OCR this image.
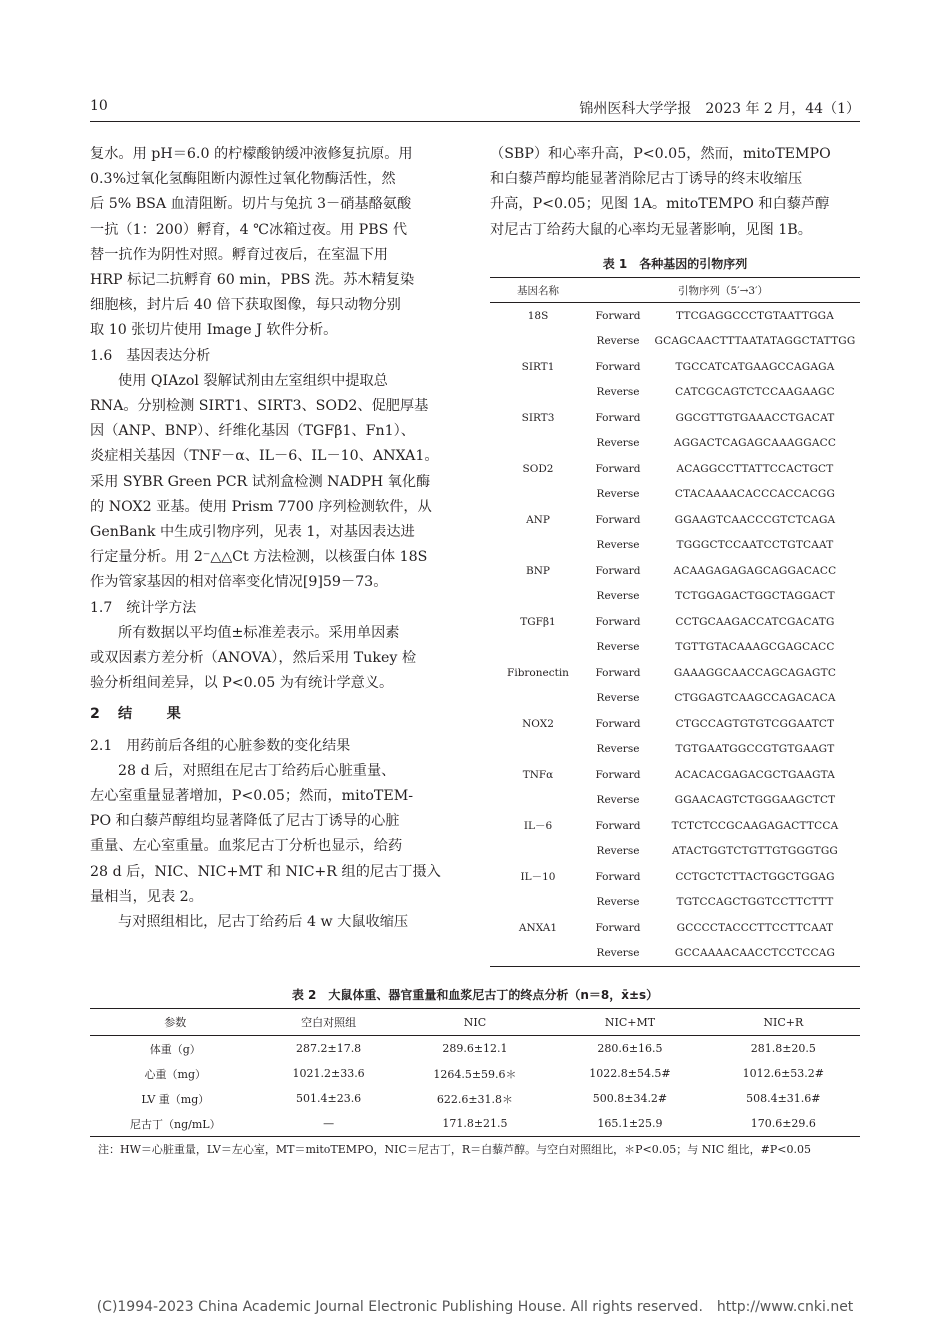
10	锦州医科大学学报　2023 年 2 月，44（1）

复水。用 pH＝6.0 的柠檬酸钠缓冲液修复抗原。用

0.3%过氧化氢酶阻断内源性过氧化物酶活性，然

后 5% BSA 血清阻断。切片与兔抗 3－硝基酪氨酸

一抗（1：200）孵育，4 ℃冰箱过夜。用 PBS 代

替一抗作为阴性对照。孵育过夜后，在室温下用

HRP 标记二抗孵育 60 min，PBS 洗。苏木精复染

细胞核，封片后 40 倍下获取图像，每只动物分别

取 10 张切片使用 Image J 软件分析。

1.6　基因表达分析

使用 QIAzol 裂解试剂由左室组织中提取总

RNA。分别检测 SIRT1、SIRT3、SOD2、促肥厚基

因（ANP、BNP）、纤维化基因（TGFβ1、Fn1）、

炎症相关基因（TNF－α、IL－6、IL－10、ANXA1。

采用 SYBR Green PCR 试剂盒检测 NADPH 氧化酶

的 NOX2 亚基。使用 Prism 7700 序列检测软件，从

GenBank 中生成引物序列，见表 1，对基因表达进

行定量分析。用 2⁻△△Ct 方法检测，以核蛋白体 18S

作为管家基因的相对倍率变化情况[9]59－73。

1.7　统计学方法

所有数据以平均值±标准差表示。采用单因素

或双因素方差分析（ANOVA），然后采用 Tukey 检

验分析组间差异，以 P<0.05 为有统计学意义。

2　结　　果

2.1　用药前后各组的心脏参数的变化结果

28 d 后，对照组在尼古丁给药后心脏重量、

左心室重量显著增加，P<0.05；然而，mitoTEM-

PO 和白藜芦醇组均显著降低了尼古丁诱导的心脏

重量、左心室重量。血浆尼古丁分析也显示，给药

28 d 后，NIC、NIC+MT 和 NIC+R 组的尼古丁摄入

量相当，见表 2。

与对照组相比，尼古丁给药后 4 w 大鼠收缩压

（SBP）和心率升高，P<0.05，然而，mitoTEMPO

和白藜芦醇均能显著消除尼古丁诱导的终末收缩压

升高，P<0.05；见图 1A。mitoTEMPO 和白藜芦醇

对尼古丁给药大鼠的心率均无显著影响，见图 1B。

表 1　各种基因的引物序列
基因名称	引物序列（5′→3′）	
18S	Forward	TTCGAGGCCCTGTAATTGGA
	Reverse	GCAGCAACTTTAATATAGGCTATTGG
SIRT1	Forward	TGCCATCATGAAGCCAGAGA
	Reverse	CATCGCAGTCTCCAAGAAGC
SIRT3	Forward	GGCGTTGTGAAACCTGACAT
	Reverse	AGGACTCAGAGCAAAGGACC
SOD2	Forward	ACAGGCCTTATTCCACTGCT
	Reverse	CTACAAAACACCCACCACGG
ANP	Forward	GGAAGTCAACCCGTCTCAGA
	Reverse	TGGGCTCCAATCCTGTCAAT
BNP	Forward	ACAAGAGAGAGCAGGACACC
	Reverse	TCTGGAGACTGGCTAGGACT
TGFβ1	Forward	CCTGCAAGACCATCGACATG
	Reverse	TGTTGTACAAAGCGAGCACC
Fibronectin	Forward	GAAAGGCAACCAGCAGAGTC
	Reverse	CTGGAGTCAAGCCAGACACA
NOX2	Forward	CTGCCAGTGTGTCGGAATCT
	Reverse	TGTGAATGGCCGTGTGAAGT
TNFα	Forward	ACACACGAGACGCTGAAGTA
	Reverse	GGAACAGTCTGGGAAGCTCT
IL－6	Forward	TCTCTCCGCAAGAGACTTCCA
	Reverse	ATACTGGTCTGTTGTGGGTGG
IL－10	Forward	CCTGCTCTTACTGGCTGGAG
	Reverse	TGTCCAGCTGGTCCTTCTTT
ANXA1	Forward	GCCCCTACCCTTCCTTCAAT
	Reverse	GCCAAAACAACCTCCTCCAG
表 2　大鼠体重、器官重量和血浆尼古丁的终点分析（n＝8，x̄±s）
参数	空白对照组	NIC	NIC+MT	NIC+R
体重（g）	287.2±17.8	289.6±12.1	280.6±16.5	281.8±20.5
心重（mg）	1021.2±33.6	1264.5±59.6＊	1022.8±54.5#	1012.6±53.2#
LV 重（mg）	501.4±23.6	622.6±31.8＊	500.8±34.2#	508.4±31.6#
尼古丁（ng/mL）	—	171.8±21.5	165.1±25.9	170.6±29.6
注：HW＝心脏重量，LV＝左心室，MT＝mitoTEMPO，NIC＝尼古丁，R＝白藜芦醇。与空白对照组比，＊P<0.05；与 NIC 组比，#P<0.05
(C)1994-2023 China Academic Journal Electronic Publishing House. All rights reserved.　http://www.cnki.net
